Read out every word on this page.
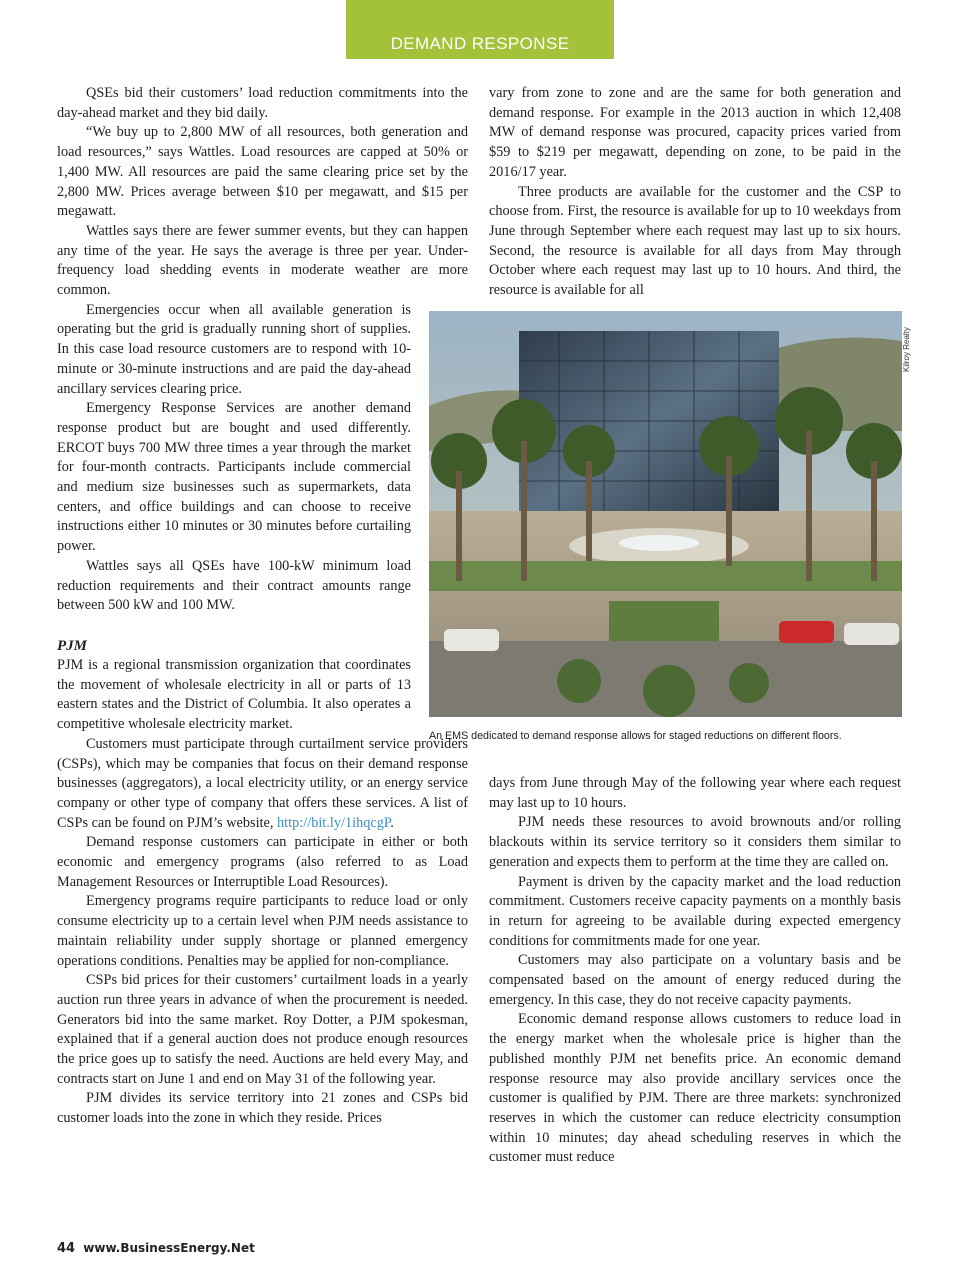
DEMAND RESPONSE

QSEs bid their customers’ load reduction commitments into the day-ahead market and they bid daily.

“We buy up to 2,800 MW of all resources, both generation and load resources,” says Wattles. Load resources are capped at 50% or 1,400 MW. All resources are paid the same clearing price set by the 2,800 MW. Prices average between $10 per megawatt, and $15 per megawatt.

Wattles says there are fewer summer events, but they can happen any time of the year. He says the average is three per year. Under-frequency load shedding events in moderate weather are more common.

Emergencies occur when all available generation is operating but the grid is gradually running short of supplies. In this case load resource customers are to respond with 10-minute or 30-minute instructions and are paid the day-ahead ancillary services clearing price.

Emergency Response Services are another demand response product but are bought and used differently. ERCOT buys 700 MW three times a year through the market for four-month contracts. Participants include commercial and medium size businesses such as supermarkets, data centers, and office buildings and can choose to receive instructions either 10 minutes or 30 minutes before curtailing power.

Wattles says all QSEs have 100-kW minimum load reduction requirements and their contract amounts range between 500 kW and 100 MW.

PJM

PJM is a regional transmission organization that coordinates the movement of wholesale electricity in all or parts of 13 eastern states and the District of Columbia. It also operates a competitive wholesale electricity market.

Customers must participate through curtailment service providers (CSPs), which may be companies that focus on their demand response businesses (aggregators), a local electricity utility, or an energy service company or other type of company that offers these services. A list of CSPs can be found on PJM’s website, http://bit.ly/1ihqcgP.

Demand response customers can participate in either or both economic and emergency programs (also referred to as Load Management Resources or Interruptible Load Resources).

Emergency programs require participants to reduce load or only consume electricity up to a certain level when PJM needs assistance to maintain reliability under supply shortage or planned emergency operations conditions. Penalties may be applied for non-compliance.

CSPs bid prices for their customers’ curtailment loads in a yearly auction run three years in advance of when the procurement is needed. Generators bid into the same market. Roy Dotter, a PJM spokesman, explained that if a general auction does not produce enough resources the price goes up to satisfy the need. Auctions are held every May, and contracts start on June 1 and end on May 31 of the following year.

PJM divides its service territory into 21 zones and CSPs bid customer loads into the zone in which they reside. Prices

vary from zone to zone and are the same for both generation and demand response. For example in the 2013 auction in which 12,408 MW of demand response was procured, capacity prices varied from $59 to $219 per megawatt, depending on zone, to be paid in the 2016/17 year.

Three products are available for the customer and the CSP to choose from. First, the resource is available for up to 10 weekdays from June through September where each request may last up to six hours. Second, the resource is available for all days from May through October where each request may last up to 10 hours. And third, the resource is available for all

Kilroy Realty
An EMS dedicated to demand response allows for staged reductions on different floors.

days from June through May of the following year where each request may last up to 10 hours.

PJM needs these resources to avoid brownouts and/or rolling blackouts within its service territory so it considers them similar to generation and expects them to perform at the time they are called on.

Payment is driven by the capacity market and the load reduction commitment. Customers receive capacity payments on a monthly basis in return for agreeing to be available during expected emergency conditions for commitments made for one year.

Customers may also participate on a voluntary basis and be compensated based on the amount of energy reduced during the emergency. In this case, they do not receive capacity payments.

Economic demand response allows customers to reduce load in the energy market when the wholesale price is higher than the published monthly PJM net benefits price. An economic demand response resource may also provide ancillary services once the customer is qualified by PJM. There are three markets: synchronized reserves in which the customer can reduce electricity consumption within 10 minutes; day ahead scheduling reserves in which the customer must reduce

44 www.BusinessEnergy.Net
